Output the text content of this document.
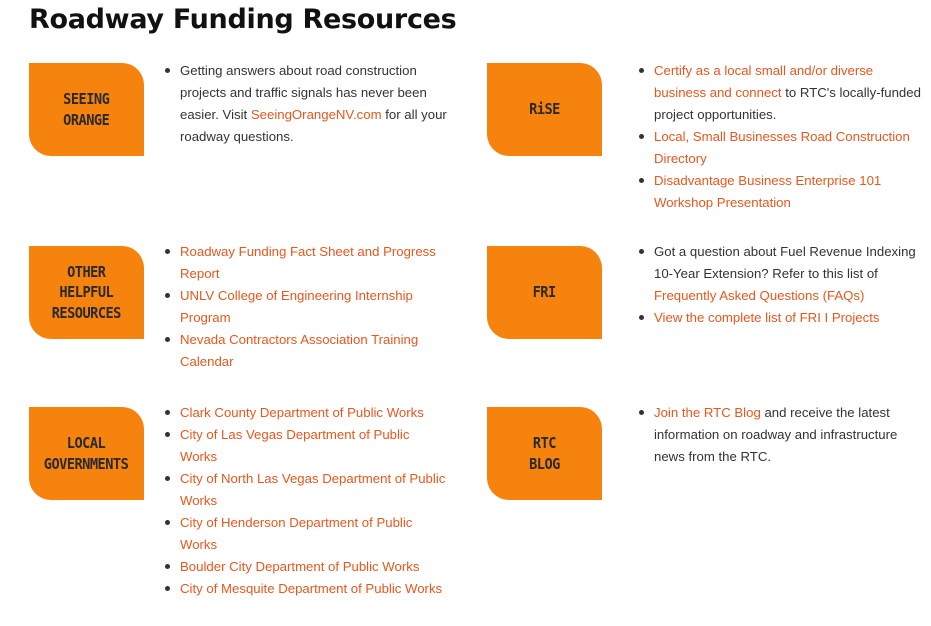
Roadway Funding Resources
SEEING
ORANGE
Getting answers about road construction projects and traffic signals has never been easier. Visit SeeingOrangeNV.com for all your roadway questions.
RiSE
Certify as a local small and/or diverse business and connect to RTC's locally-funded project opportunities.
Local, Small Businesses Road Construction Directory
Disadvantage Business Enterprise 101 Workshop Presentation
OTHER
HELPFUL
RESOURCES
Roadway Funding Fact Sheet and Progress Report
UNLV College of Engineering Internship Program
Nevada Contractors Association Training Calendar
FRI
Got a question about Fuel Revenue Indexing 10-Year Extension? Refer to this list of Frequently Asked Questions (FAQs)
View the complete list of FRI I Projects
LOCAL
GOVERNMENTS
Clark County Department of Public Works
City of Las Vegas Department of Public Works
City of North Las Vegas Department of Public Works
City of Henderson Department of Public Works
Boulder City Department of Public Works
City of Mesquite Department of Public Works
RTC
BLOG
Join the RTC Blog and receive the latest information on roadway and infrastructure news from the RTC.
